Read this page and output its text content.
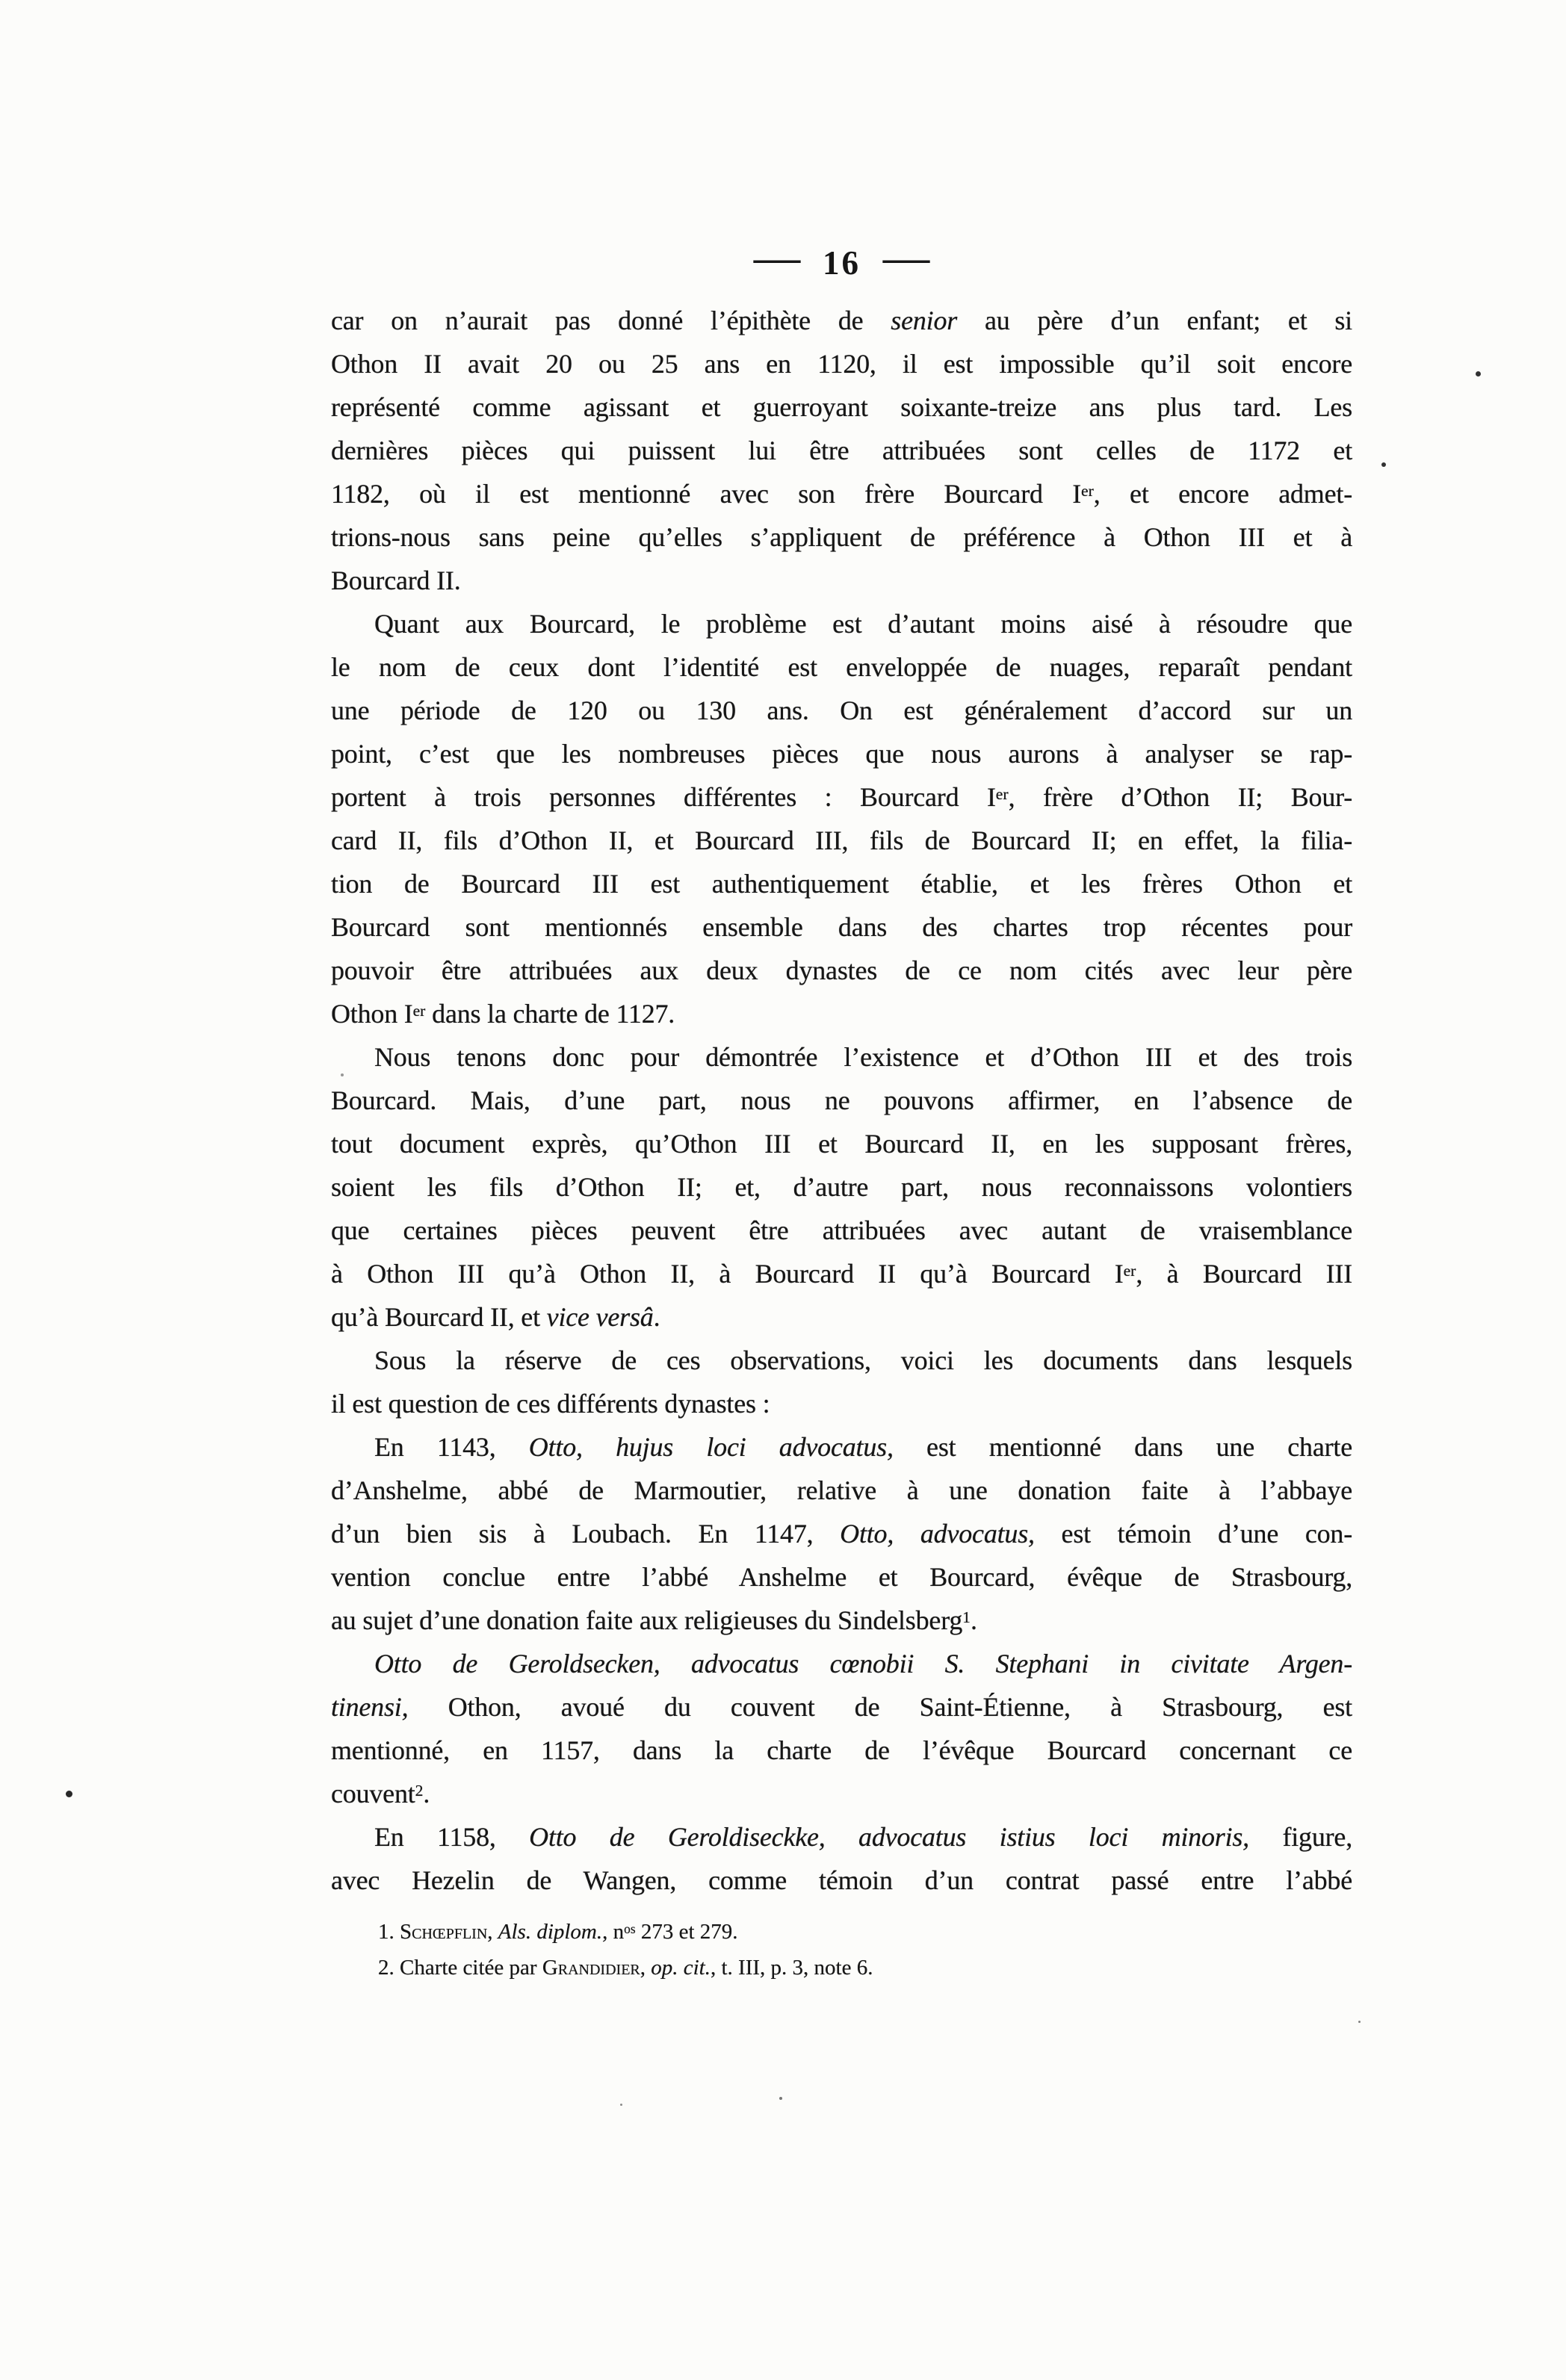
— 16 —
car on n’aurait pas donné l’épithète de senior au père d’un enfant; et si
Othon II avait 20 ou 25 ans en 1120, il est impossible qu’il soit encore
représenté comme agissant et guerroyant soixante-treize ans plus tard. Les
dernières pièces qui puissent lui être attribuées sont celles de 1172 et
1182, où il est mentionné avec son frère Bourcard Ier, et encore admet-
trions-nous sans peine qu’elles s’appliquent de préférence à Othon III et à
Bourcard II.
Quant aux Bourcard, le problème est d’autant moins aisé à résoudre que
le nom de ceux dont l’identité est enveloppée de nuages, reparaît pendant
une période de 120 ou 130 ans. On est généralement d’accord sur un
point, c’est que les nombreuses pièces que nous aurons à analyser se rap-
portent à trois personnes différentes : Bourcard Ier, frère d’Othon II; Bour-
card II, fils d’Othon II, et Bourcard III, fils de Bourcard II; en effet, la filia-
tion de Bourcard III est authentiquement établie, et les frères Othon et
Bourcard sont mentionnés ensemble dans des chartes trop récentes pour
pouvoir être attribuées aux deux dynastes de ce nom cités avec leur père
Othon Ier dans la charte de 1127.
Nous tenons donc pour démontrée l’existence et d’Othon III et des trois
Bourcard. Mais, d’une part, nous ne pouvons affirmer, en l’absence de
tout document exprès, qu’Othon III et Bourcard II, en les supposant frères,
soient les fils d’Othon II; et, d’autre part, nous reconnaissons volontiers
que certaines pièces peuvent être attribuées avec autant de vraisemblance
à Othon III qu’à Othon II, à Bourcard II qu’à Bourcard Ier, à Bourcard III
qu’à Bourcard II, et vice versâ.
Sous la réserve de ces observations, voici les documents dans lesquels
il est question de ces différents dynastes :
En 1143, Otto, hujus loci advocatus, est mentionné dans une charte
d’Anshelme, abbé de Marmoutier, relative à une donation faite à l’abbaye
d’un bien sis à Loubach. En 1147, Otto, advocatus, est témoin d’une con-
vention conclue entre l’abbé Anshelme et Bourcard, évêque de Strasbourg,
au sujet d’une donation faite aux religieuses du Sindelsberg$^1$.
Otto de Geroldsecken, advocatus cœnobii S. Stephani in civitate Argen-
tinensi, Othon, avoué du couvent de Saint-Étienne, à Strasbourg, est
mentionné, en 1157, dans la charte de l’évêque Bourcard concernant ce
couvent$^2$.
En 1158, Otto de Geroldiseckke, advocatus istius loci minoris, figure,
avec Hezelin de Wangen, comme témoin d’un contrat passé entre l’abbé
1. Schœpflin, Als. diplom., $n^{os}$ 273 et 279.
2. Charte citée par Grandidier, op. cit., t. III, p. 3, note 6.
